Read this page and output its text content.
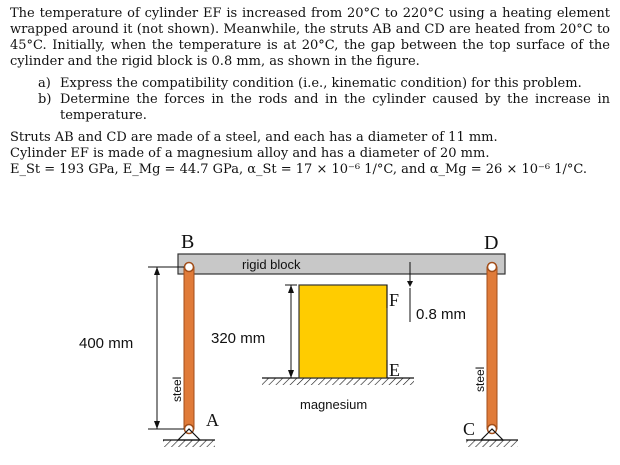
The temperature of cylinder EF is increased from 20°C to 220°C using a heating element wrapped around it (not shown). Meanwhile, the struts AB and CD are heated from 20°C to 45°C. Initially, when the temperature is at 20°C, the gap between the top surface of the cylinder and the rigid block is 0.8 mm, as shown in the figure.

a) Express the compatibility condition (i.e., kinematic condition) for this problem.
b) Determine the forces in the rods and in the cylinder caused by the increase in temperature.

Struts AB and CD are made of a steel, and each has a diameter of 11 mm.

Cylinder EF is made of a magnesium alloy and has a diameter of 20 mm.

E_St = 193 GPa, E_Mg = 44.7 GPa, α_St = 17 × 10⁻⁶ 1/°C, and α_Mg = 26 × 10⁻⁶ 1/°C.

rigid block
magnesium
0.8 mm
F
E
320 mm
steel
B
A
steel
D
C
400 mm
